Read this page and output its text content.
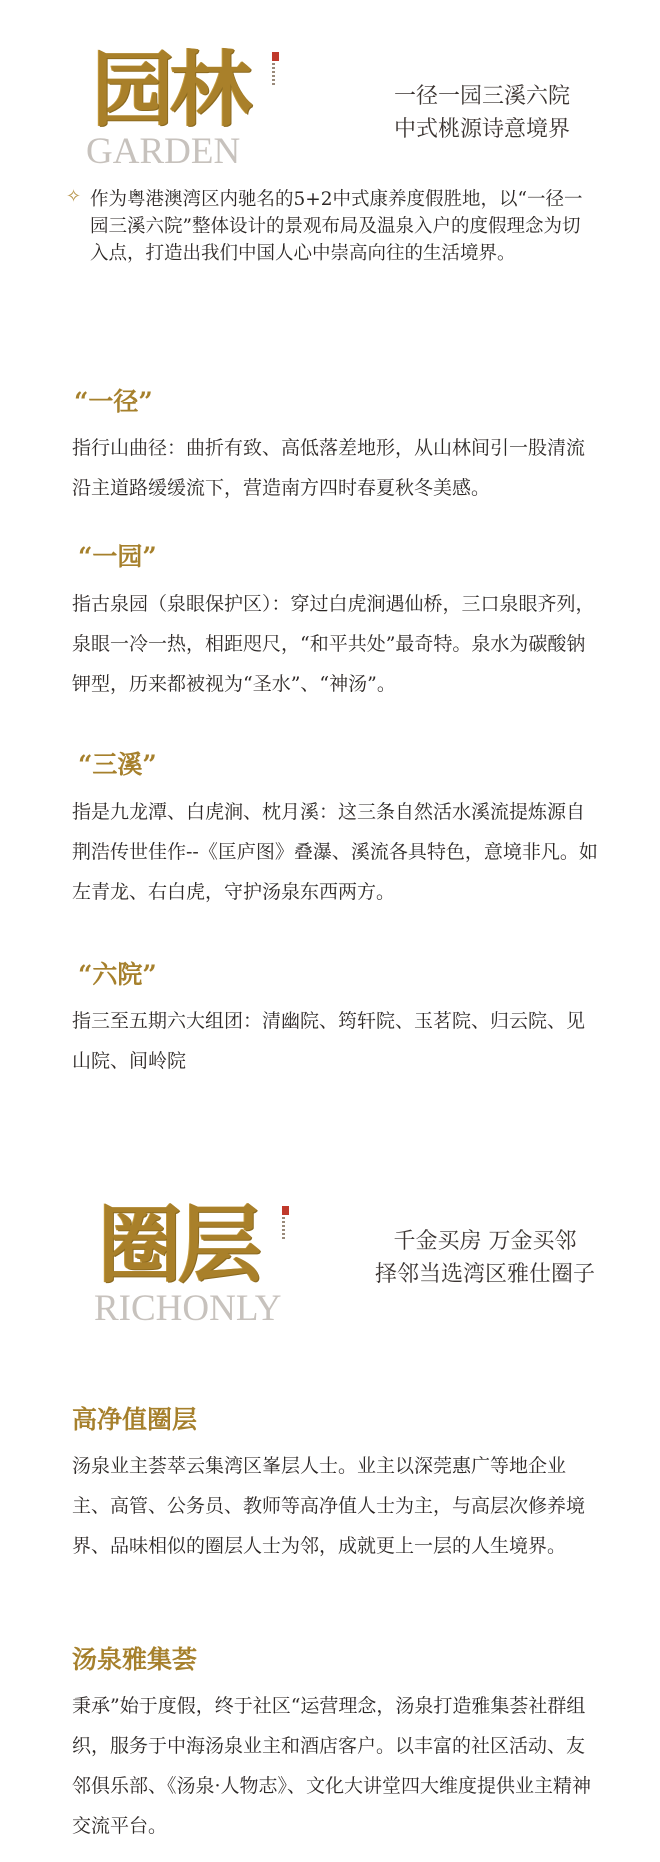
园林
GARDEN
一径一园三溪六院
中式桃源诗意境界
✧ 作为粤港澳湾区内驰名的5+2中式康养度假胜地，以“一径一园三溪六院”整体设计的景观布局及温泉入户的度假理念为切入点，打造出我们中国人心中崇高向往的生活境界。
“一径”
指行山曲径：曲折有致、高低落差地形，从山林间引一股清流沿主道路缓缓流下，营造南方四时春夏秋冬美感。
“一园”
指古泉园（泉眼保护区）：穿过白虎涧遇仙桥，三口泉眼齐列，泉眼一冷一热，相距咫尺，“和平共处”最奇特。泉水为碳酸钠钾型，历来都被视为“圣水”、“神汤”。
“三溪”
指是九龙潭、白虎涧、枕月溪：这三条自然活水溪流提炼源自荆浩传世佳作--《匡庐图》叠瀑、溪流各具特色，意境非凡。如左青龙、右白虎，守护汤泉东西两方。
“六院”
指三至五期六大组团：清幽院、筠轩院、玉茗院、归云院、见山院、间岭院
圈层
RICHONLY
千金买房 万金买邻
择邻当选湾区雅仕圈子
高净值圈层
汤泉业主荟萃云集湾区峯层人士。业主以深莞惠广等地企业主、高管、公务员、教师等高净值人士为主，与高层次修养境界、品味相似的圈层人士为邻，成就更上一层的人生境界。
汤泉雅集荟
秉承”始于度假，终于社区“运营理念，汤泉打造雅集荟社群组织，服务于中海汤泉业主和酒店客户。以丰富的社区活动、友邻俱乐部、《汤泉·人物志》、文化大讲堂四大维度提供业主精神交流平台。
